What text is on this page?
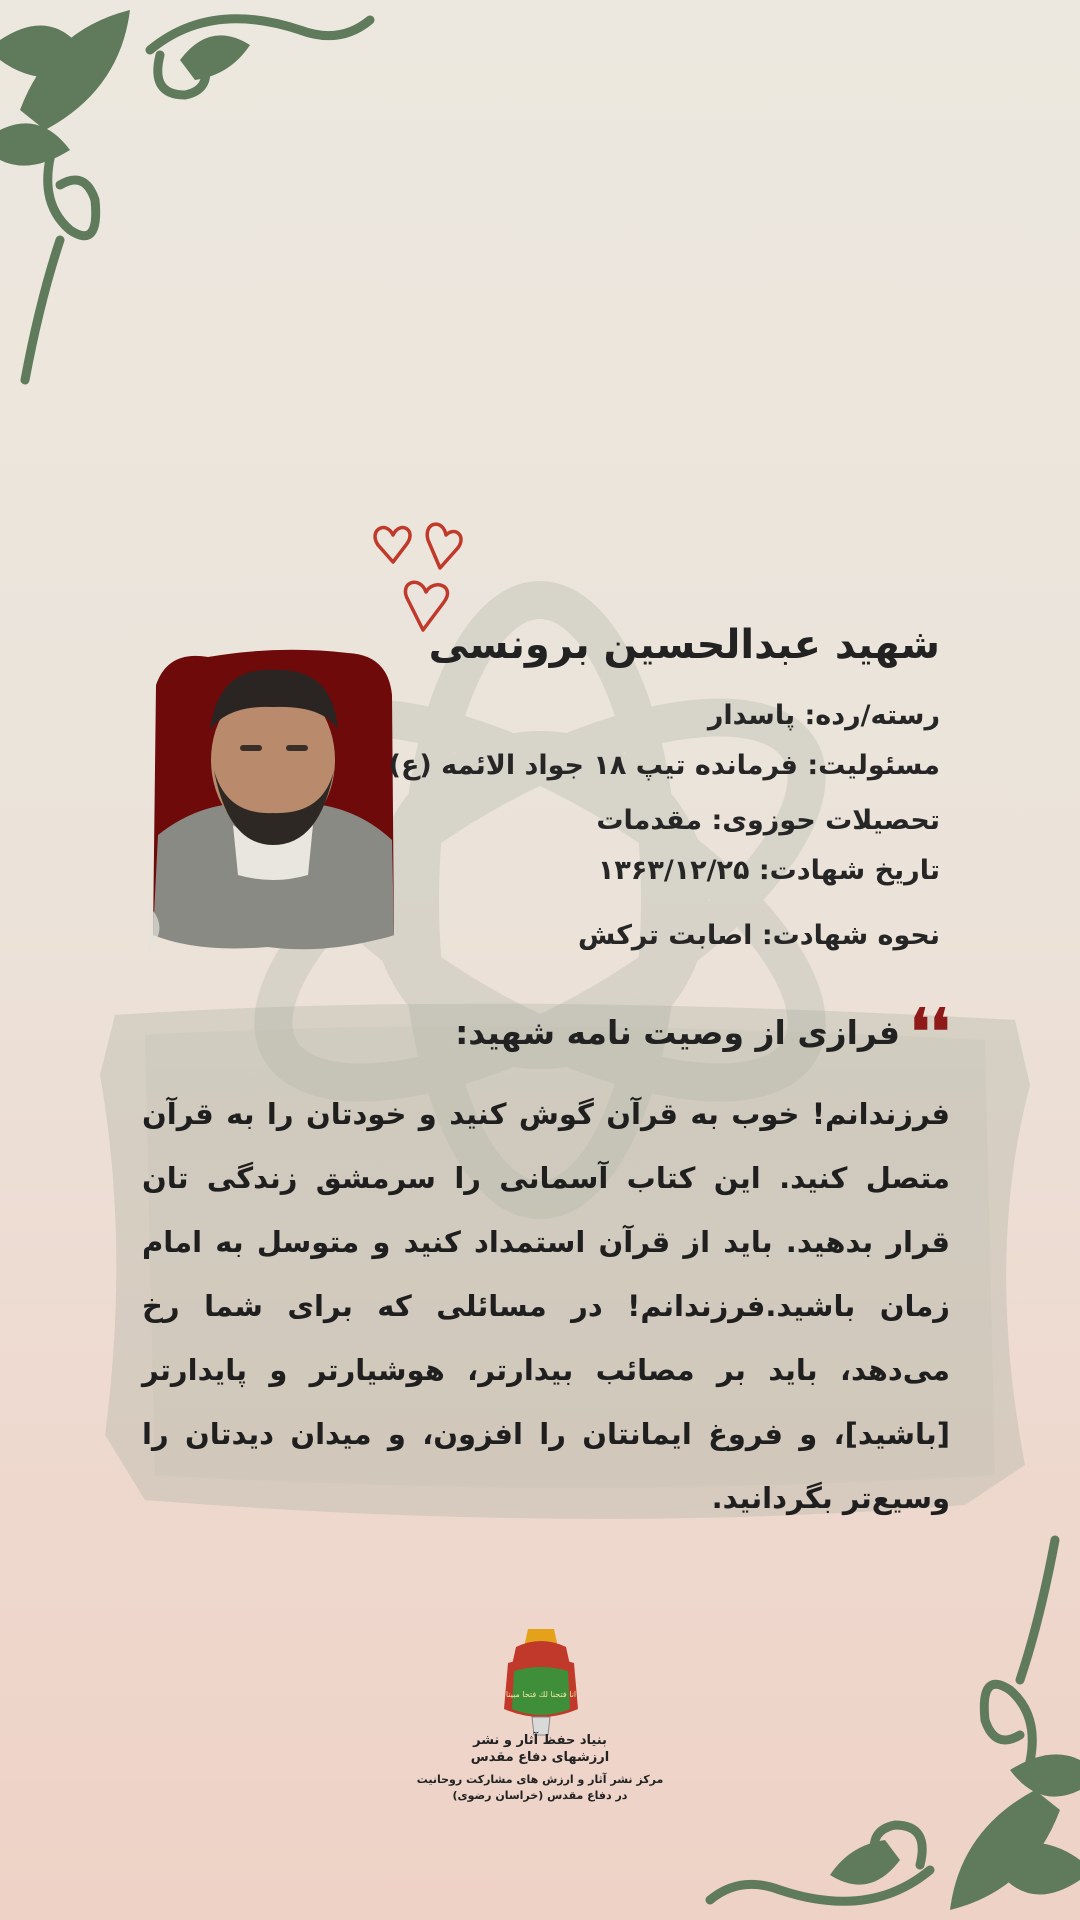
شهید عبدالحسین برونسی
رسته/رده: پاسدار
مسئولیت: فرمانده تیپ ۱۸ جواد الائمه (ع)
تحصیلات حوزوی: مقدمات
تاریخ شهادت: ۱۳۶۳/۱۲/۲۵
نحوه شهادت: اصابت ترکش
❛❛
فرازی از وصیت نامه شهید:
فرزندانم! خوب به قرآن گوش کنید و خودتان را به قرآن متصل کنید. این کتاب آسمانی را سرمشق زندگی تان قرار بدهید. باید از قرآن استمداد کنید و متوسل به امام زمان باشید.فرزندانم! در مسائلی که برای شما رخ می‌دهد، باید بر مصائب بیدارتر، هوشیارتر و پایدارتر [باشید]، و فروغ ایمانتان را افزون، و میدان دیدتان را وسیع‌تر بگردانید.
انا فتحنا لك فتحا مبينا
بنیاد حفظ آثار و نشر
ارزشهای دفاع مقدس
مرکز نشر آثار و ارزش های مشارکت روحانیت
در دفاع مقدس (خراسان رضوی)
